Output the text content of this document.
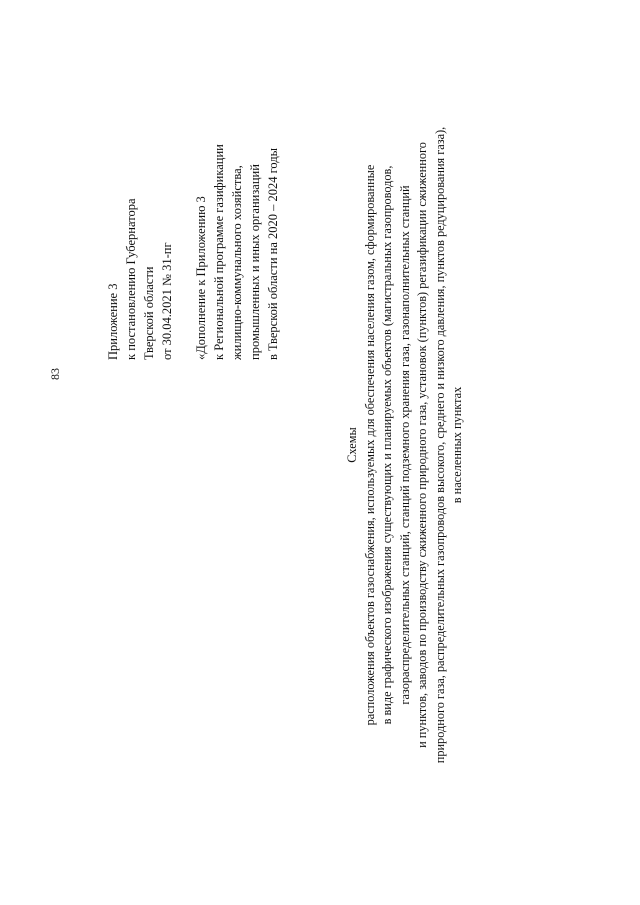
83
Приложение 3 к постановлению Губернатора Тверской области от 30.04.2021 № 31-пг «Дополнение к Приложению 3 к Региональной программе газификации жилищно-коммунального хозяйства, промышленных и иных организаций в Тверской области на 2020 – 2024 годы
Схемы расположения объектов газоснабжения, используемых для обеспечения населения газом, сформированные в виде графического изображения существующих и планируемых объектов (магистральных газопроводов, газораспределительных станций, станций подземного хранения газа, газонаполнительных станций и пунктов, заводов по производству сжиженного природного газа, установок (пунктов) регазификации сжиженного природного газа, распределительных газопроводов высокого, среднего и низкого давления, пунктов редуцирования газа), в населенных пунктах
